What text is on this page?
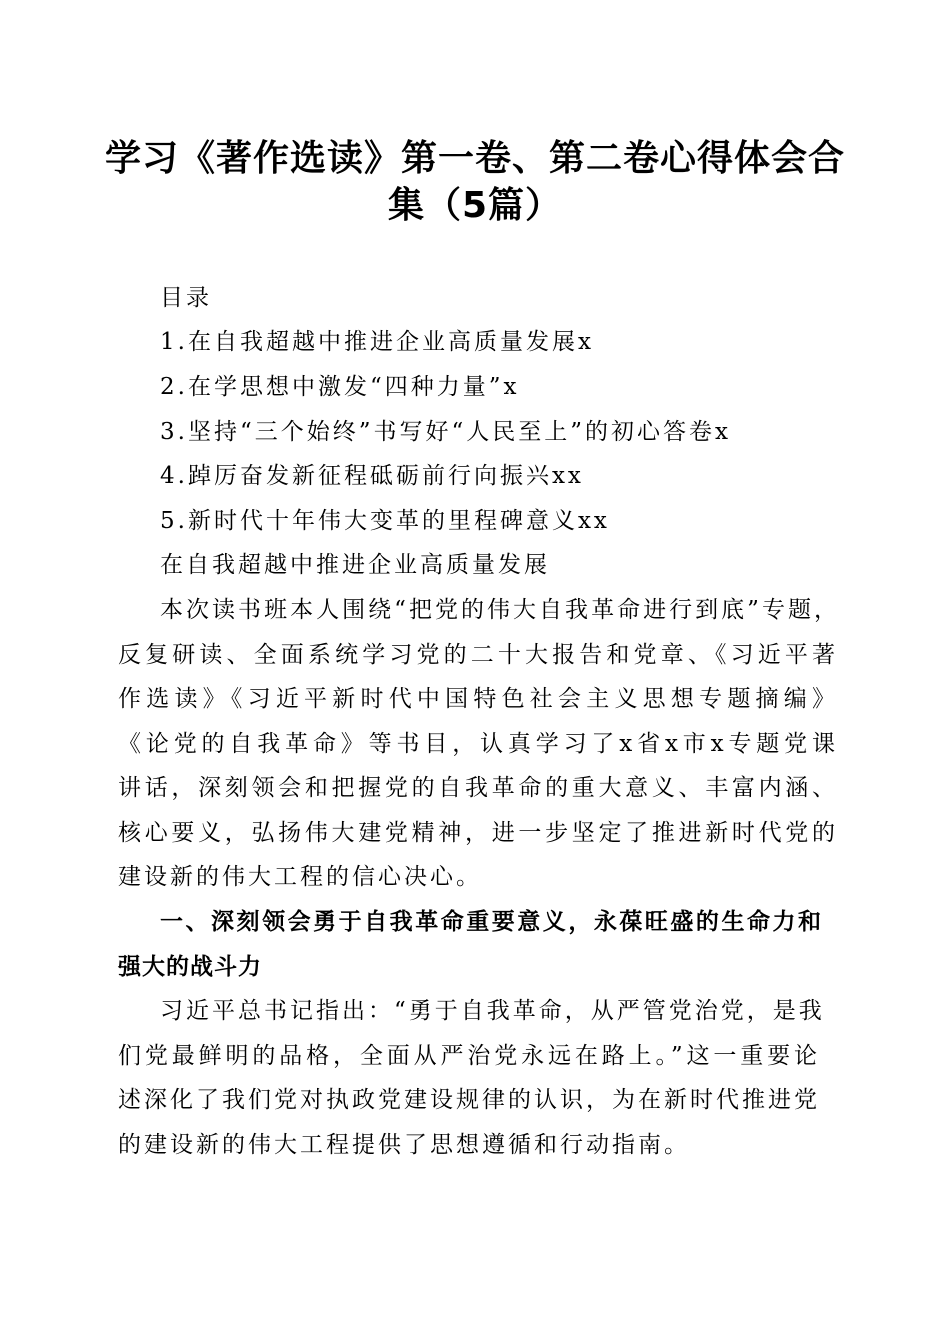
学习《著作选读》第一卷、第二卷心得体会合
集（5篇）
目录
1.在自我超越中推进企业高质量发展x
2.在学思想中激发“四种力量”x
3.坚持“三个始终”书写好“人民至上”的初心答卷x
4.踔厉奋发新征程砥砺前行向振兴xx
5.新时代十年伟大变革的里程碑意义xx
在自我超越中推进企业高质量发展
本次读书班本人围绕“把党的伟大自我革命进行到底”专题，
反复研读、全面系统学习党的二十大报告和党章、《习近平著
作选读》《习近平新时代中国特色社会主义思想专题摘编》
《论党的自我革命》等书目，认真学习了x省x市x专题党课
讲话，深刻领会和把握党的自我革命的重大意义、丰富内涵、
核心要义，弘扬伟大建党精神，进一步坚定了推进新时代党的
建设新的伟大工程的信心决心。
一、深刻领会勇于自我革命重要意义，永葆旺盛的生命力和
强大的战斗力
习近平总书记指出：“勇于自我革命，从严管党治党，是我
们党最鲜明的品格，全面从严治党永远在路上。”这一重要论
述深化了我们党对执政党建设规律的认识，为在新时代推进党
的建设新的伟大工程提供了思想遵循和行动指南。
